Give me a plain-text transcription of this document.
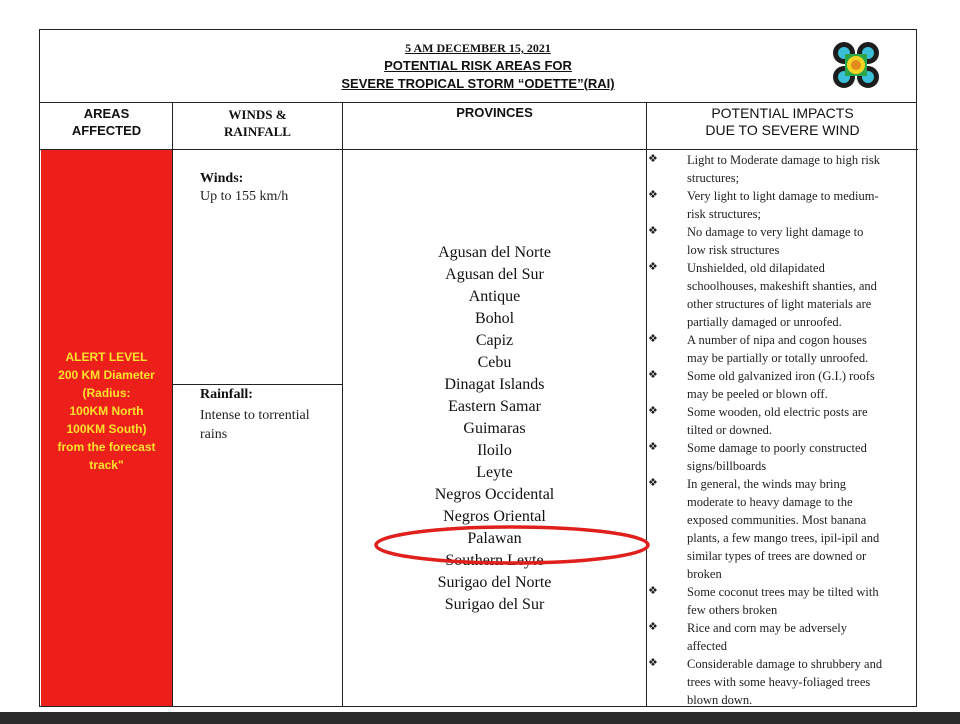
5 AM DECEMBER 15, 2021
POTENTIAL RISK AREAS FOR
SEVERE TROPICAL STORM “ODETTE”(RAI)
AREAS
AFFECTED
WINDS &
RAINFALL
PROVINCES	POTENTIAL IMPACTS
DUE TO SEVERE WIND
ALERT LEVEL
200 KM Diameter
(Radius:
100KM North
100KM South)
from the forecast
track"
Winds:
Up to 155 km/h
Rainfall:
Intense to torrential
rains
Agusan del Norte
Agusan del Sur
Antique
Bohol
Capiz
Cebu
Dinagat Islands
Eastern Samar
Guimaras
Iloilo
Leyte
Negros Occidental
Negros Oriental
Palawan
Southern Leyte
Surigao del Norte
Surigao del Sur
❖ Light to Moderate damage to high risk
structures;
❖ Very light to light damage to medium-
risk structures;
❖ No damage to very light damage to
low risk structures
❖ Unshielded, old dilapidated
schoolhouses, makeshift shanties, and
other structures of light materials are
partially damaged or unroofed.
❖ A number of nipa and cogon houses
may be partially or totally unroofed.
❖ Some old galvanized iron (G.I.) roofs
may be peeled or blown off.
❖ Some wooden, old electric posts are
tilted or downed.
❖ Some damage to poorly constructed
signs/billboards
❖ In general, the winds may bring
moderate to heavy damage to the
exposed communities. Most banana
plants, a few mango trees, ipil-ipil and
similar types of trees are downed or
broken
❖ Some coconut trees may be tilted with
few others broken
❖ Rice and corn may be adversely
affected
❖ Considerable damage to shrubbery and
trees with some heavy-foliaged trees
blown down.
